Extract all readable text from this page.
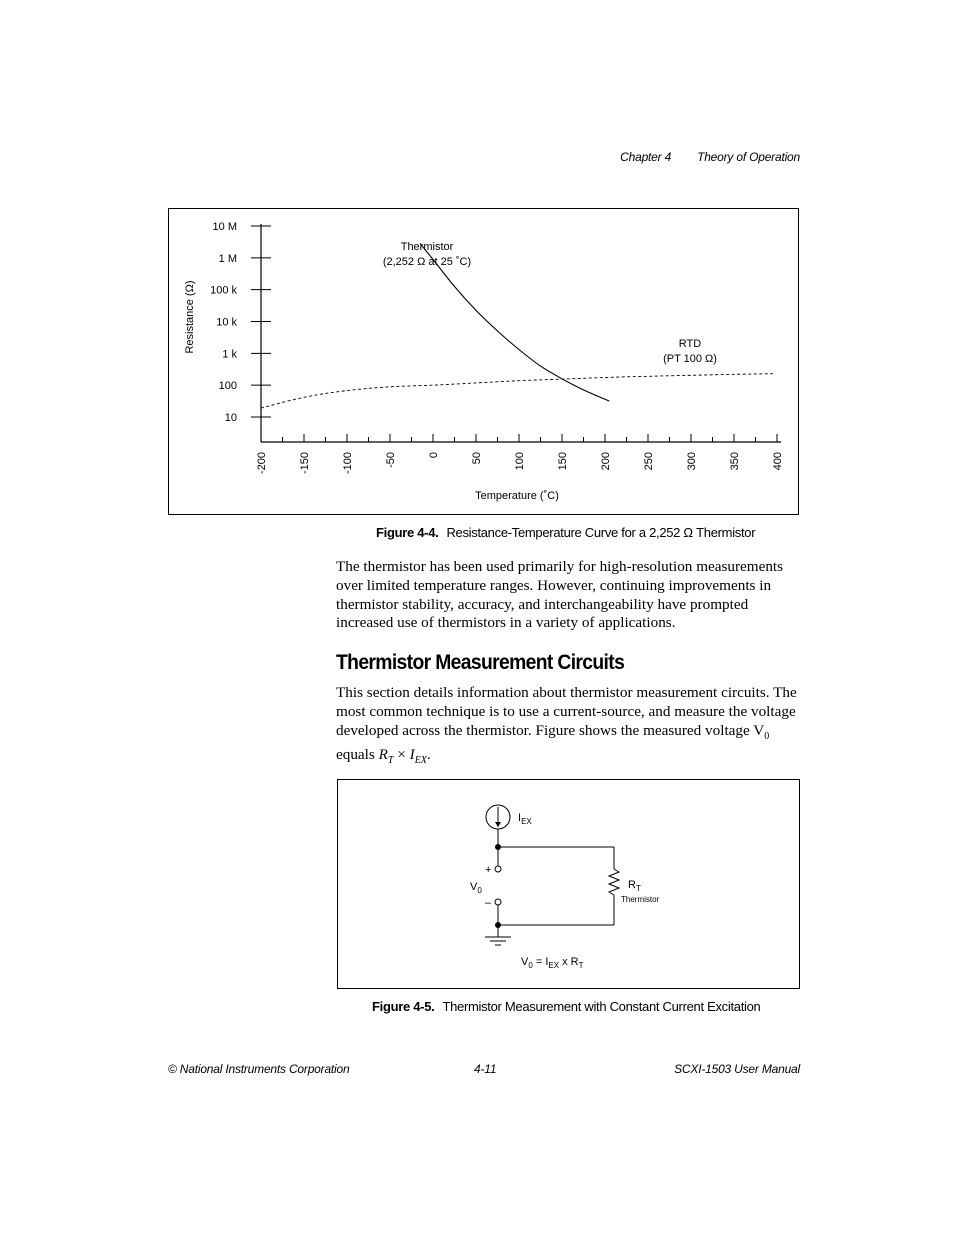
Chapter 4 Theory of Operation
10 M
1 M
100 k
10 k
1 k
100
10
-200	-150	-100	-50	0	50	100	150	200	250	300	350	400
Thermistor
(2,252 Ω at 25 ˚C)
RTD
(PT 100 Ω)
Temperature (˚C)
Resistance (Ω)
Figure 4-4. Resistance-Temperature Curve for a 2,252 Ω Thermistor

The thermistor has been used primarily for high-resolution measurements over limited temperature ranges. However, continuing improvements in thermistor stability, accuracy, and interchangeability have prompted increased use of thermistors in a variety of applications.

Thermistor Measurement Circuits

This section details information about thermistor measurement circuits. The most common technique is to use a current-source, and measure the voltage developed across the thermistor. Figure shows the measured voltage $V_0$ equals $R_T \times I_{EX}$.

$I_{EX}$
+
–
$V_0$	$R_T$
Thermistor
$V_0 = I_{EX}$ x $R_T$
Figure 4-5. Thermistor Measurement with Constant Current Excitation
© National Instruments Corporation	4-11	SCXI-1503 User Manual
